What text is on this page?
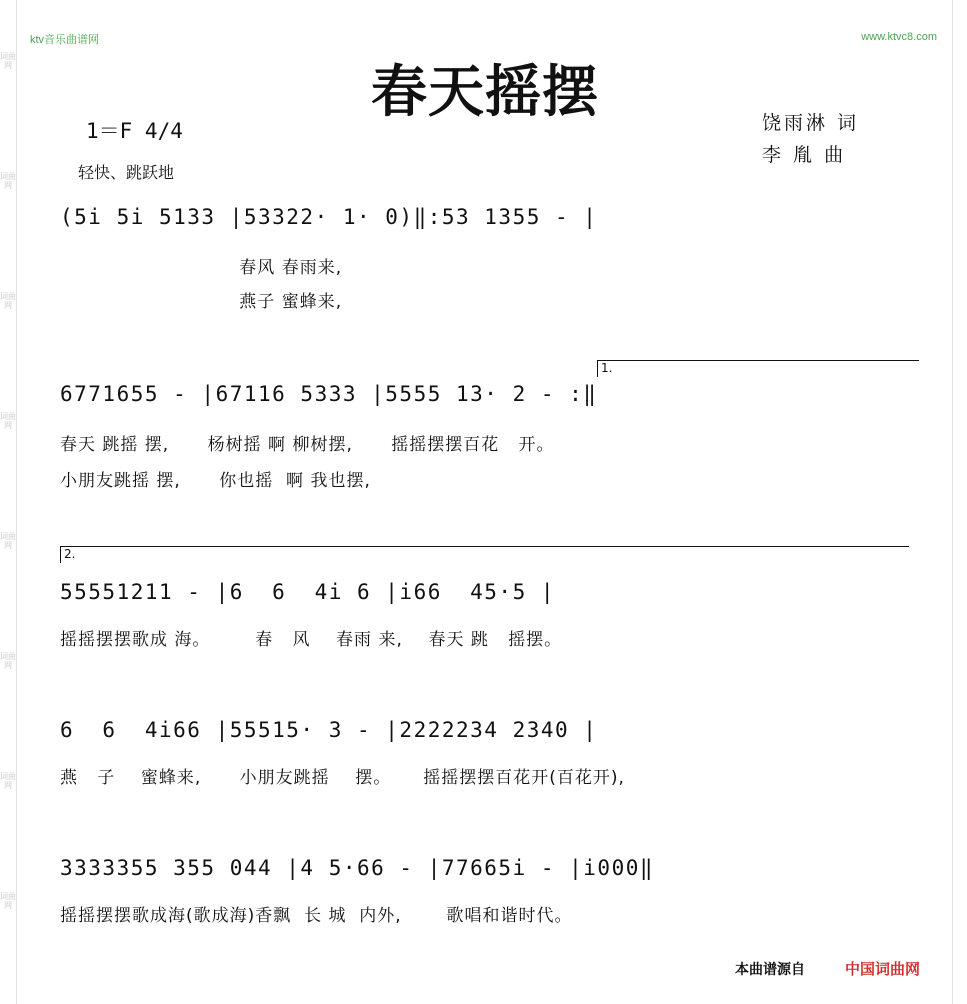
词曲网
词曲网
词曲网
词曲网
词曲网
词曲网
词曲网
词曲网
ktv音乐曲谱网	www.ktvc8.com
春天摇摆
1＝F 4/4
轻快、跳跃地
饶雨淋 词
李 胤 曲
(5i 5i 5133 |53322· 1· 0)‖:53 1355 - |
春风 春雨来,
燕子 蜜蜂来,
1.
6771655 - |67116 5333 |5555 13· 2 - :‖
春天 跳摇 摆,      杨树摇 啊 柳树摆,      摇摇摆摆百花   开。
小朋友跳摇 摆,      你也摇  啊 我也摆,
2.
55551211 - |6  6  4i 6 |i66  45·5 |
摇摇摆摆歌成 海。       春   风    春雨 来,    春天 跳   摇摆。
6  6  4i66 |55515· 3 - |2222234 2340 |
燕   子    蜜蜂来,      小朋友跳摇    摆。     摇摇摆摆百花开(百花开),
3333355 355 044 |4 5·66 - |77665i - |i000‖
摇摇摆摆歌成海(歌成海)香飘  长 城  内外,       歌唱和谐时代。
本曲谱源自	中国词曲网
